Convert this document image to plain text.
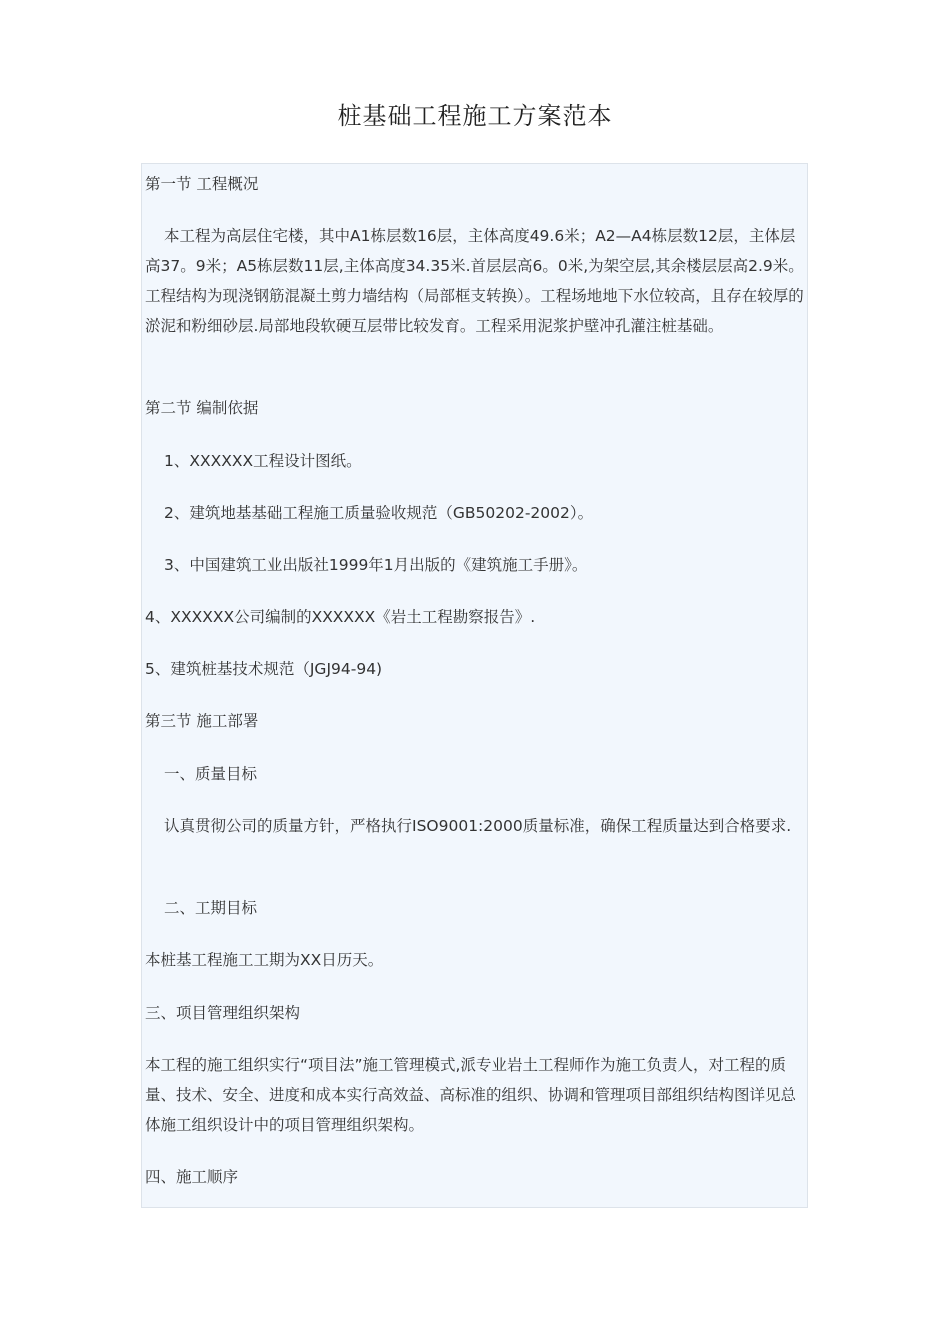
桩基础工程施工方案范本

第一节 工程概况

本工程为高层住宅楼，其中A1栋层数16层，主体高度49.6米；A2—A4栋层数12层，主体层高37。9米；A5栋层数11层,主体高度34.35米.首层层高6。0米,为架空层,其余楼层层高2.9米。工程结构为现浇钢筋混凝土剪力墙结构（局部框支转换）。工程场地地下水位较高，且存在较厚的淤泥和粉细砂层.局部地段软硬互层带比较发育。工程采用泥浆护壁冲孔灌注桩基础。

第二节 编制依据

1、XXXXXX工程设计图纸。

2、建筑地基基础工程施工质量验收规范（GB50202-2002）。

3、中国建筑工业出版社1999年1月出版的《建筑施工手册》。

4、XXXXXX公司编制的XXXXXX《岩土工程勘察报告》.

5、建筑桩基技术规范（JGJ94-94)

第三节 施工部署

一、质量目标

认真贯彻公司的质量方针，严格执行ISO9001:2000质量标准，确保工程质量达到合格要求.

二、工期目标

本桩基工程施工工期为XX日历天。

三、项目管理组织架构

本工程的施工组织实行“项目法”施工管理模式,派专业岩土工程师作为施工负责人，对工程的质量、技术、安全、进度和成本实行高效益、高标准的组织、协调和管理项目部组织结构图详见总体施工组织设计中的项目管理组织架构。

四、施工顺序
